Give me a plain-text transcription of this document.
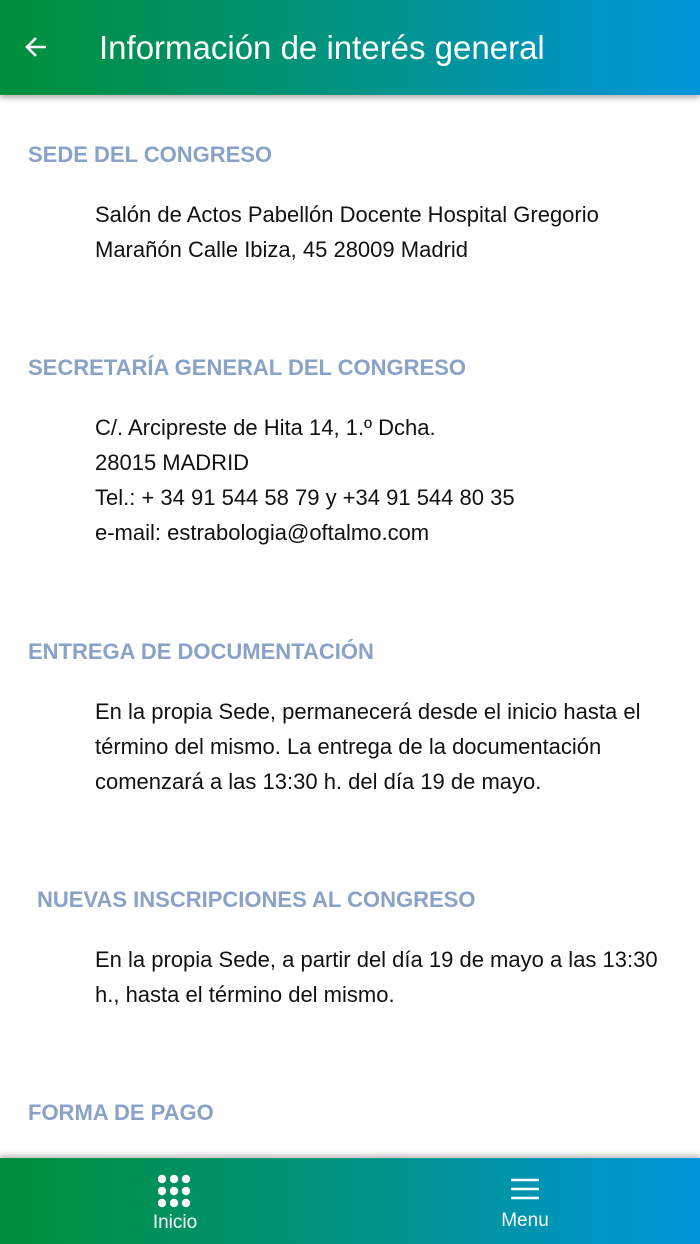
Información de interés general
SEDE DEL CONGRESO
Salón de Actos Pabellón Docente Hospital Gregorio
Marañón Calle Ibiza, 45 28009 Madrid
SECRETARÍA GENERAL DEL CONGRESO
C/. Arcipreste de Hita 14, 1.º Dcha.
28015 MADRID
Tel.: + 34 91 544 58 79 y +34 91 544 80 35
e-mail: estrabologia@oftalmo.com
ENTREGA DE DOCUMENTACIÓN
En la propia Sede, permanecerá desde el inicio hasta el
término del mismo. La entrega de la documentación
comenzará a las 13:30 h. del día 19 de mayo.
NUEVAS INSCRIPCIONES AL CONGRESO
En la propia Sede, a partir del día 19 de mayo a las 13:30
h., hasta el término del mismo.
FORMA DE PAGO
Inicio	Menu
